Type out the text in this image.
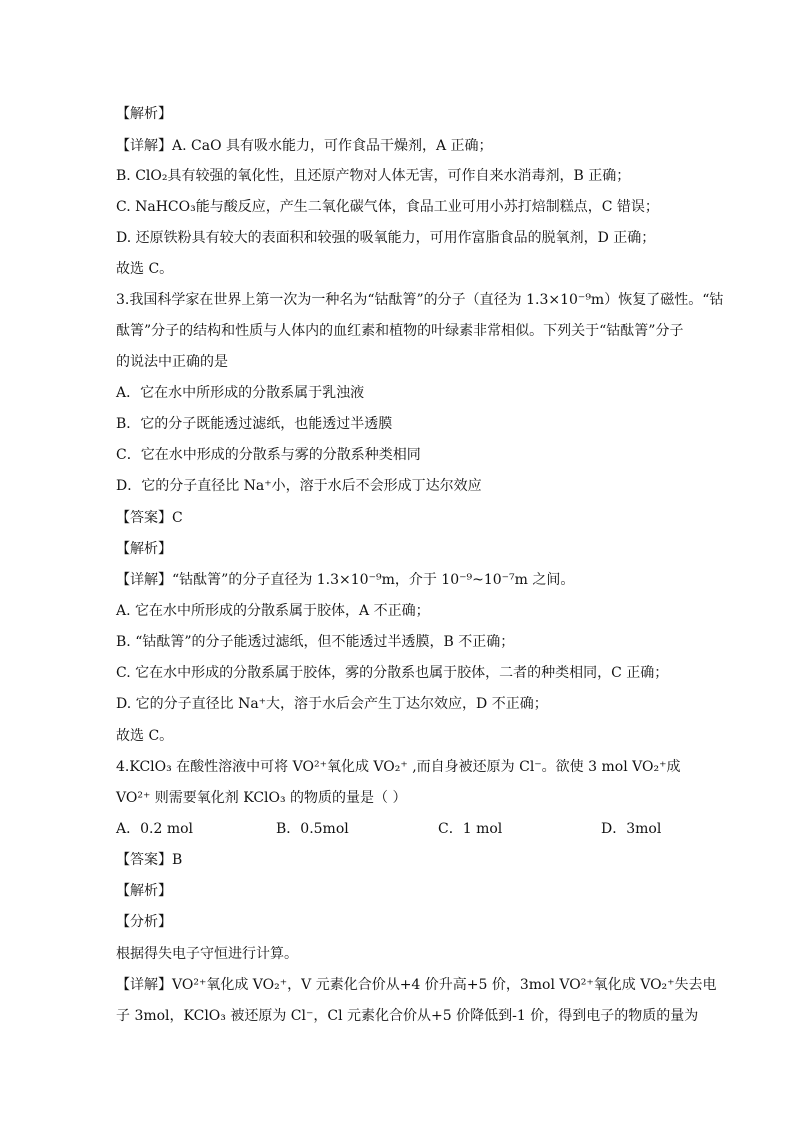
【解析】
【详解】A. CaO 具有吸水能力，可作食品干燥剂，A 正确；
B. ClO₂具有较强的氧化性，且还原产物对人体无害，可作自来水消毒剂，B 正确；
C. NaHCO₃能与酸反应，产生二氧化碳气体，食品工业可用小苏打焙制糕点，C 错误；
D. 还原铁粉具有较大的表面积和较强的吸氧能力，可用作富脂食品的脱氧剂，D 正确；
故选 C。
3.我国科学家在世界上第一次为一种名为“钴酞箐”的分子（直径为 1.3×10⁻⁹m）恢复了磁性。“钴
酞箐”分子的结构和性质与人体内的血红素和植物的叶绿素非常相似。下列关于“钴酞箐”分子
的说法中正确的是
A．它在水中所形成的分散系属于乳浊液
B．它的分子既能透过滤纸，也能透过半透膜
C．它在水中形成的分散系与雾的分散系种类相同
D．它的分子直径比 Na⁺小，溶于水后不会形成丁达尔效应
【答案】C
【解析】
【详解】“钴酞箐”的分子直径为 1.3×10⁻⁹m，介于 10⁻⁹~10⁻⁷m 之间。
A. 它在水中所形成的分散系属于胶体，A 不正确；
B. “钴酞箐”的分子能透过滤纸，但不能透过半透膜，B 不正确；
C. 它在水中形成的分散系属于胶体，雾的分散系也属于胶体，二者的种类相同，C 正确；
D. 它的分子直径比 Na⁺大，溶于水后会产生丁达尔效应，D 不正确；
故选 C。
4.KClO₃ 在酸性溶液中可将 VO²⁺氧化成 VO₂⁺ ,而自身被还原为 Cl⁻。欲使 3 mol VO₂⁺成
VO²⁺ 则需要氧化剂 KClO₃ 的物质的量是（ ）
A．0.2 mol	B．0.5mol	C．1 mol	D．3mol
【答案】B
【解析】
【分析】
根据得失电子守恒进行计算。
【详解】VO²⁺氧化成 VO₂⁺，V 元素化合价从+4 价升高+5 价，3mol VO²⁺氧化成 VO₂⁺失去电
子 3mol，KClO₃ 被还原为 Cl⁻，Cl 元素化合价从+5 价降低到-1 价，得到电子的物质的量为
